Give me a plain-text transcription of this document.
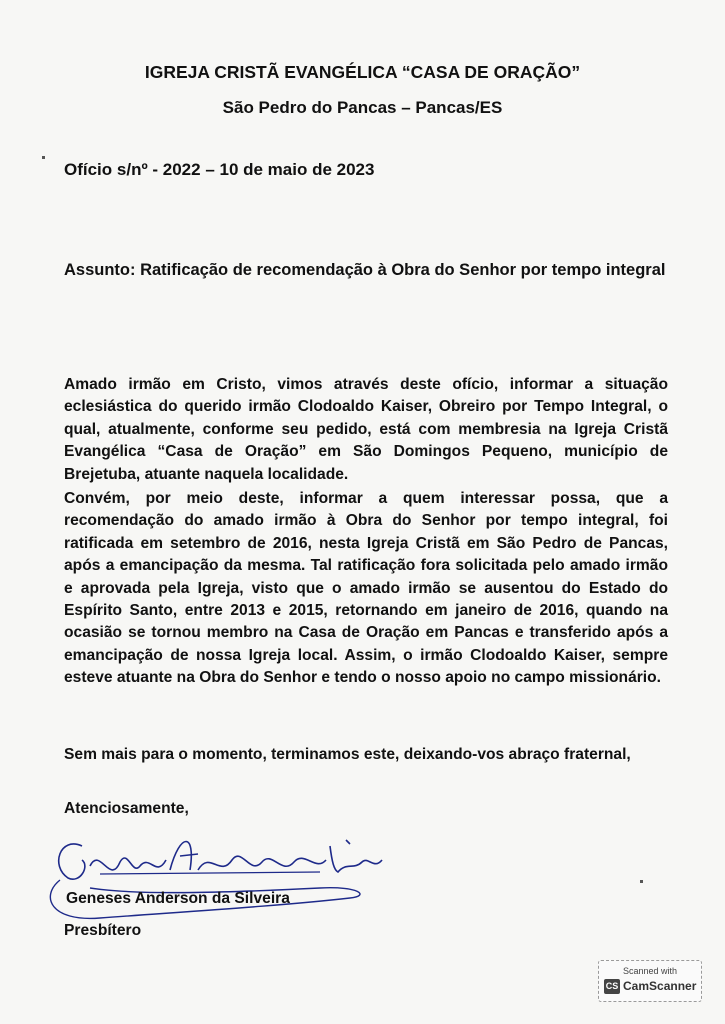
IGREJA CRISTÃ EVANGÉLICA “CASA DE ORAÇÃO”
São Pedro do Pancas – Pancas/ES
Ofício s/nº - 2022 – 10 de maio de 2023
Assunto: Ratificação de recomendação à Obra do Senhor por tempo integral
Amado irmão em Cristo, vimos através deste ofício, informar a situação eclesiástica do querido irmão Clodoaldo Kaiser, Obreiro por Tempo Integral, o qual, atualmente, conforme seu pedido, está com membresia na Igreja Cristã Evangélica “Casa de Oração” em São Domingos Pequeno, município de Brejetuba, atuante naquela localidade.
Convém, por meio deste, informar a quem interessar possa, que a recomendação do amado irmão à Obra do Senhor por tempo integral, foi ratificada em setembro de 2016, nesta Igreja Cristã em São Pedro de Pancas, após a emancipação da mesma. Tal ratificação fora solicitada pelo amado irmão e aprovada pela Igreja, visto que o amado irmão se ausentou do Estado do Espírito Santo, entre 2013 e 2015, retornando em janeiro de 2016, quando na ocasião se tornou membro na Casa de Oração em Pancas e transferido após a emancipação de nossa Igreja local. Assim, o irmão Clodoaldo Kaiser, sempre esteve atuante na Obra do Senhor e tendo o nosso apoio no campo missionário.
Sem mais para o momento, terminamos este, deixando-vos abraço fraternal,
Atenciosamente,
Geneses Anderson da Silveira
Presbítero
Scanned with
CS CamScanner
